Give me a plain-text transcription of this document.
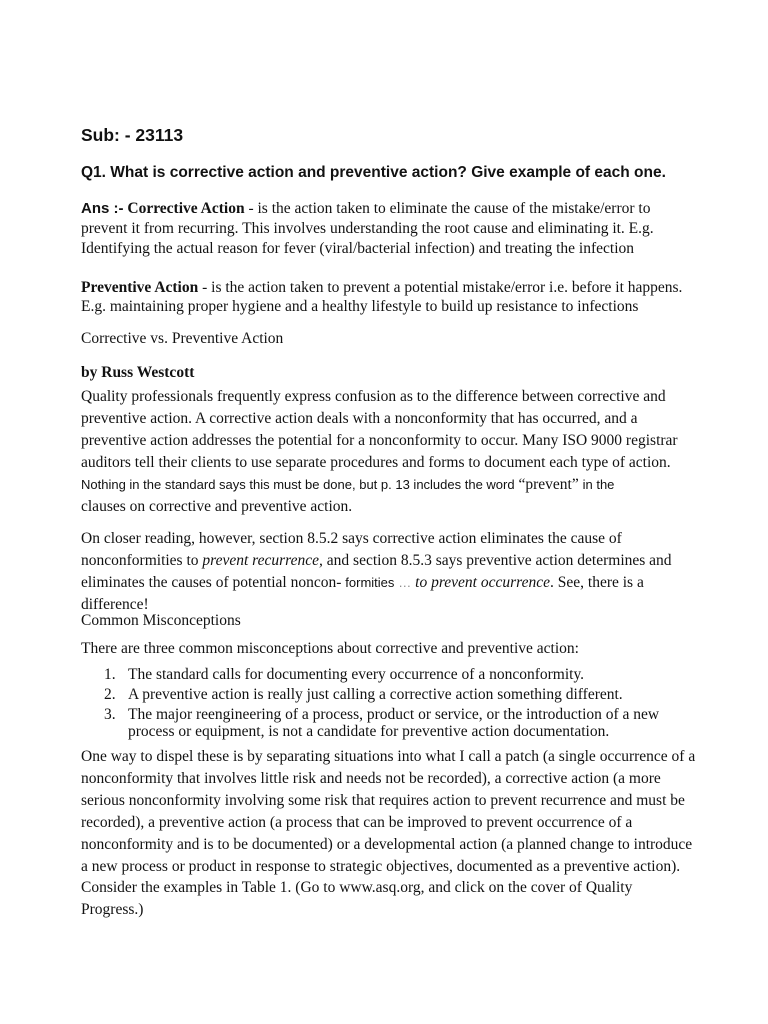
Sub: - 23113
Q1. What is corrective action and preventive action? Give example of each one.
Ans :- Corrective Action - is the action taken to eliminate the cause of the mistake/error to
prevent it from recurring. This involves understanding the root cause and eliminating it. E.g.
Identifying the actual reason for fever (viral/bacterial infection) and treating the infection
Preventive Action - is the action taken to prevent a potential mistake/error i.e. before it happens.
E.g. maintaining proper hygiene and a healthy lifestyle to build up resistance to infections
Corrective vs. Preventive Action
by Russ Westcott
Quality professionals frequently express confusion as to the difference between corrective and
preventive action. A corrective action deals with a nonconformity that has occurred, and a
preventive action addresses the potential for a nonconformity to occur. Many ISO 9000 registrar
auditors tell their clients to use separate procedures and forms to document each type of action.
Nothing in the standard says this must be done, but p. 13 includes the word “prevent” in the
clauses on corrective and preventive action.
On closer reading, however, section 8.5.2 says corrective action eliminates the cause of
nonconformities to prevent recurrence, and section 8.5.3 says preventive action determines and
eliminates the causes of potential noncon- formities … to prevent occurrence. See, there is a
difference!
Common Misconceptions
There are three common misconceptions about corrective and preventive action:
1. The standard calls for documenting every occurrence of a nonconformity.
2. A preventive action is really just calling a corrective action something different.
3. The major reengineering of a process, product or service, or the introduction of a new
process or equipment, is not a candidate for preventive action documentation.
One way to dispel these is by separating situations into what I call a patch (a single occurrence of a
nonconformity that involves little risk and needs not be recorded), a corrective action (a more
serious nonconformity involving some risk that requires action to prevent recurrence and must be
recorded), a preventive action (a process that can be improved to prevent occurrence of a
nonconformity and is to be documented) or a developmental action (a planned change to introduce
a new process or product in response to strategic objectives, documented as a preventive action).
Consider the examples in Table 1. (Go to www.asq.org, and click on the cover of Quality
Progress.)
